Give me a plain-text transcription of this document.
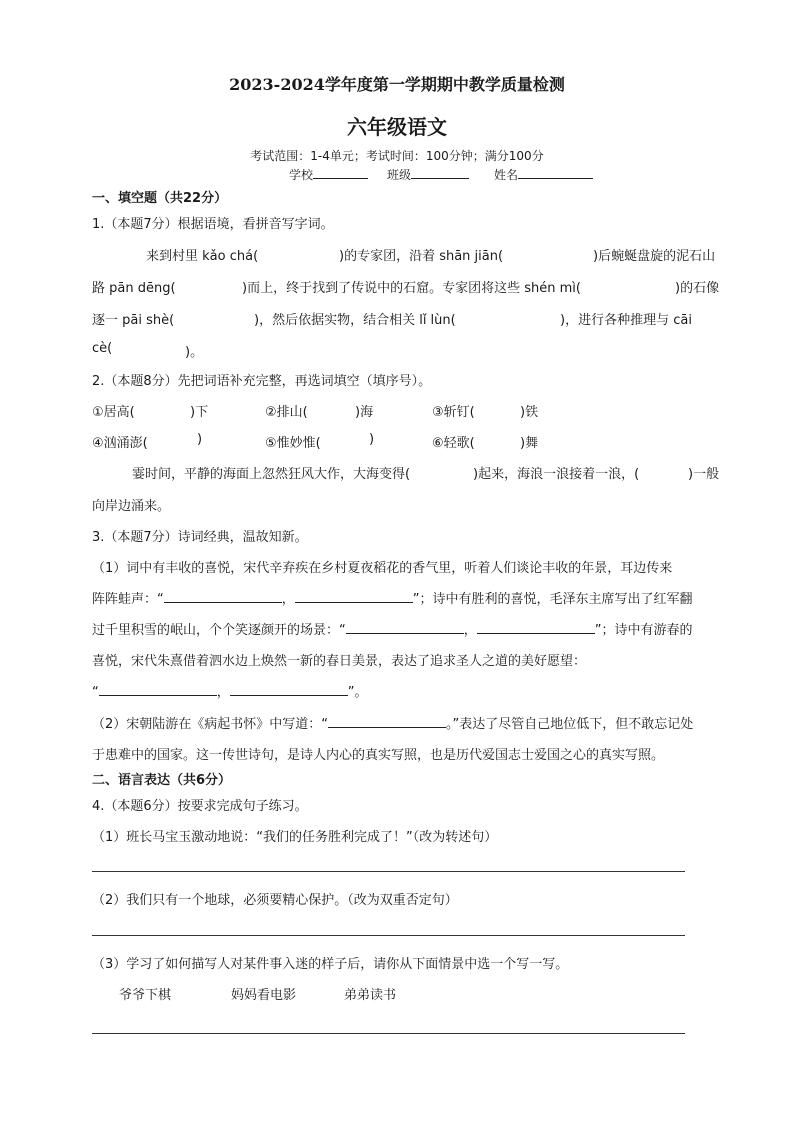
2023-2024学年度第一学期期中教学质量检测
六年级语文
考试范围：1-4单元；考试时间：100分钟；满分100分
学校	班级	姓名
一、填空题（共22分）
1.（本题7分）根据语境，看拼音写字词。
来到村里 kǎo chá(	)的专家团，沿着 shān jiān(	)后蜿蜒盘旋的泥石山
路 pān dēng(	)而上，终于找到了传说中的石窟。专家团将这些 shén mì(	)的石像
逐一 pāi shè(	)，然后依据实物，结合相关 lǐ lùn(	)，进行各种推理与 cāi
cè(	)。
2.（本题8分）先把词语补充完整，再选词填空（填序号）。
①居高(	)下	②排山(	)海	③斩钉(	)铁
④汹涌澎(	)	⑤惟妙惟(	)	⑥轻歌(	)舞
霎时间，平静的海面上忽然狂风大作，大海变得(	)起来，海浪一浪接着一浪，(	)一般
向岸边涌来。
3.（本题7分）诗词经典，温故知新。
（1）词中有丰收的喜悦，宋代辛弃疾在乡村夏夜稻花的香气里，听着人们谈论丰收的年景，耳边传来
阵阵蛙声：“	，	”；诗中有胜利的喜悦，毛泽东主席写出了红军翻
过千里积雪的岷山，个个笑逐颜开的场景：“	，	”；诗中有游春的
喜悦，宋代朱熹借着泗水边上焕然一新的春日美景，表达了追求圣人之道的美好愿望：
“	，	”。
（2）宋朝陆游在《病起书怀》中写道：“	。”表达了尽管自己地位低下，但不敢忘记处
于患难中的国家。这一传世诗句，是诗人内心的真实写照，也是历代爱国志士爱国之心的真实写照。
二、语言表达（共6分）
4.（本题6分）按要求完成句子练习。
（1）班长马宝玉激动地说：“我们的任务胜利完成了！”（改为转述句）
（2）我们只有一个地球，必须要精心保护。（改为双重否定句）
（3）学习了如何描写人对某件事入迷的样子后，请你从下面情景中选一个写一写。
爷爷下棋	妈妈看电影	弟弟读书
